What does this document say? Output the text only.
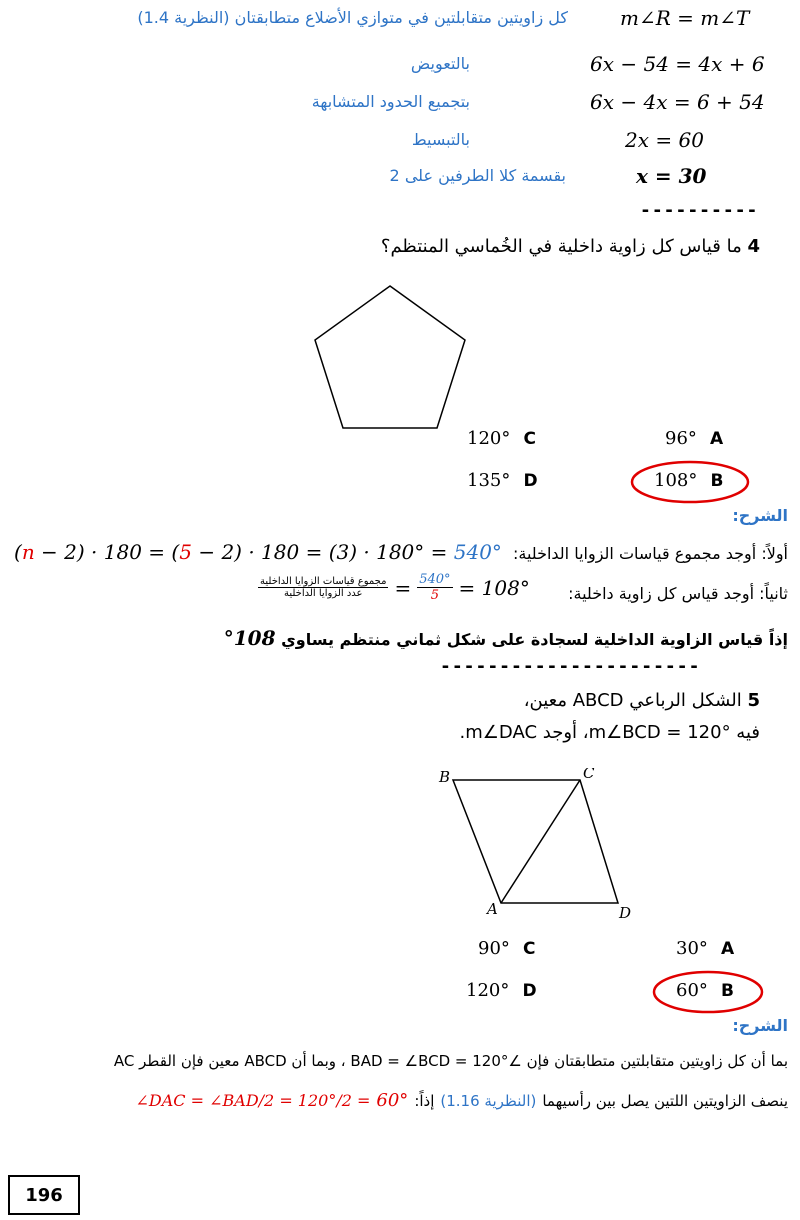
m∠R = m∠T
كل زاويتين متقابلتين في متوازي الأضلاع متطابقتان (النظرية 1.4)
6x − 54 = 4x + 6
بالتعويض
6x − 4x = 6 + 54
بتجميع الحدود المتشابهة
2x = 60
بالتبسيط
x = 30
بقسمة كلا الطرفين على 2
----------
4 ما قياس كل زاوية داخلية في الخُماسي المنتظم؟
120° C	96° A
135° D	108° B
الشرح:
أولاً: أوجد مجموع قياسات الزوايا الداخلية:
(n − 2) · 180 = (5 − 2) · 180 = (3) · 180° = 540°
ثانياً: أوجد قياس كل زاوية داخلية:
$\frac{\text{مجموع قياسات الزوايا الداخلية}}{\text{عدد الزوايا الداخلية}} = \frac{540^\circ}{5} = 108^\circ$
إذاً قياس الزاوية الداخلية لسجادة على شكل ثماني منتظم يساوي 108°
----------------------
5 الشكل الرباعي ABCD معين،
فيه m∠BCD = 120°، أوجد m∠DAC.
B	C
A	D
90° C	30° A
120° D	60° B
الشرح:
بما أن كل زاويتين متقابلتين متطابقتان فإن ∠BAD = ∠BCD = 120° ، وبما أن ABCD معين فإن القطر AC
ينصف الزاويتين اللتين يصل بين رأسيهما
(النظرية 1.16)
إذاً:
60°
∠DAC = ∠BAD/2 = 120°/2 =
196
